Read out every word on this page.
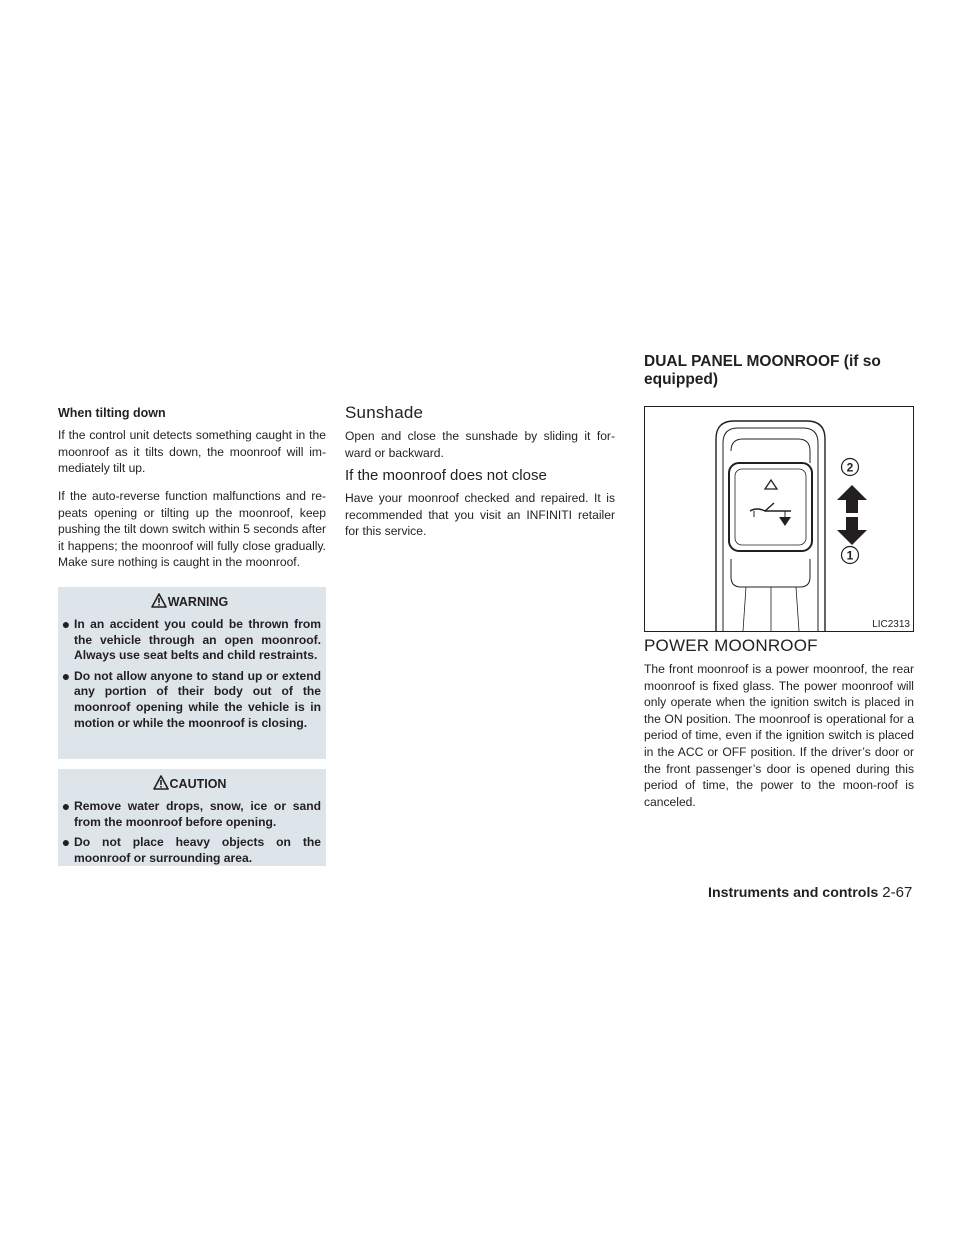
When tilting down

If the control unit detects something caught in the moonroof as it tilts down, the moonroof will im-mediately tilt up.

If the auto-reverse function malfunctions and re-peats opening or tilting up the moonroof, keep pushing the tilt down switch within 5 seconds after it happens; the moonroof will fully close gradually. Make sure nothing is caught in the moonroof.

WARNING
● In an accident you could be thrown from the vehicle through an open moonroof. Always use seat belts and child restraints.
● Do not allow anyone to stand up or extend any portion of their body out of the moonroof opening while the vehicle is in motion or while the moonroof is closing.
CAUTION
● Remove water drops, snow, ice or sand from the moonroof before opening.
● Do not place heavy objects on the moonroof or surrounding area.
Sunshade

Open and close the sunshade by sliding it for-ward or backward.

If the moonroof does not close

Have your moonroof checked and repaired. It is recommended that you visit an INFINITI retailer for this service.

DUAL PANEL MOONROOF (if so equipped)
2
1
LIC2313
POWER MOONROOF

The front moonroof is a power moonroof, the rear moonroof is fixed glass. The power moonroof will only operate when the ignition switch is placed in the ON position. The moonroof is operational for a period of time, even if the ignition switch is placed in the ACC or OFF position. If the driver’s door or the front passenger’s door is opened during this period of time, the power to the moon-roof is canceled.

Instruments and controls 2-67
